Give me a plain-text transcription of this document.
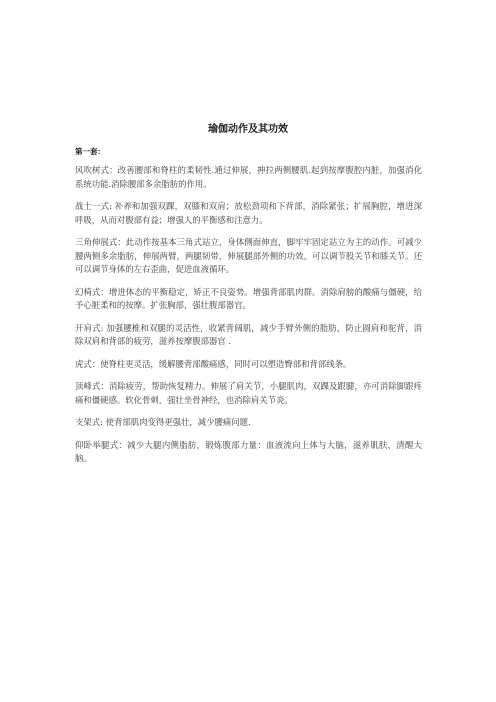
瑜伽动作及其功效
第一套：

风吹树式：改善腰部和脊柱的柔韧性.通过伸展，抻拉两侧腰肌.起到按摩腹腔内脏，加强消化系统功能.消除腰部多余脂肪的作用。

战士一式: 补养和加强双踝，双膝和双肩；放松劲项和下背部，消除紧张；扩展胸腔，增进深呼吸，从而对腹部有益；增强人的平衡感和注意力。

三角伸展式：此动作按基本三角式站立，身体侧面伸直，脚牢牢固定站立为主的动作。可减少腰两侧多余脂肪，伸展两臂，两腿韧带，伸展腿部外侧的功效。可以调节股关节和膝关节。还可以调节身体的左右歪曲，促进血液循环。

幻椅式：增进体态的平衡稳定，矫正不良姿势。增强背部肌肉群。消除肩膀的酸痛与僵硬，给予心脏柔和的按摩。扩张胸部，强壮腹部器官。

开肩式: 加强腰椎和双腿的灵活性，收紧背阔肌，减少手臂外侧的脂肪，防止圆肩和驼背，消除双肩和背部的疲劳，滋养按摩腹部器官 .

虎式：使脊柱更灵活，缓解腰背部酸痛感，同时可以塑造臀部和背部线条。

顶峰式：消除疲劳，帮助恢复精力。伸展了肩关节，小腿肌肉，双踝及跟腱，亦可消除脚跟疼痛和僵硬感。软化骨刺，强壮坐骨神经，也消除肩关节炎。

支架式: 使背部肌肉变得更强壮，减少腰痛问题.

仰卧举腿式：减少大腿内侧脂肪，锻炼腹部力量：血液流向上体与大脑，滋养肌肤，清醒大脑。
